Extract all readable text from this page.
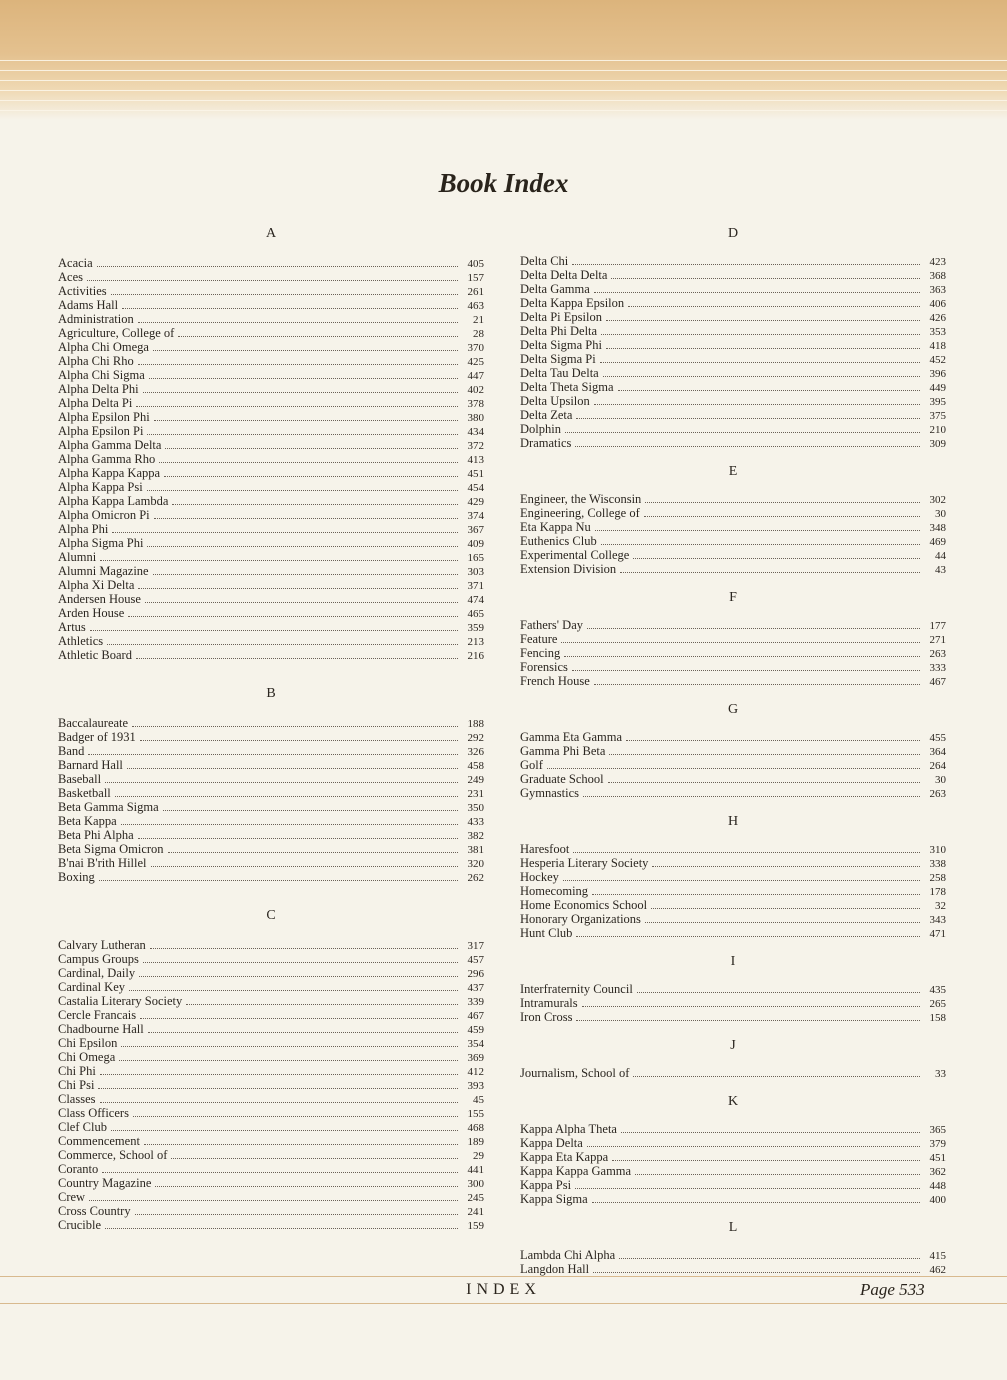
Book Index
A
Acacia	405
Aces	157
Activities	261
Adams Hall	463
Administration	21
Agriculture, College of	28
Alpha Chi Omega	370
Alpha Chi Rho	425
Alpha Chi Sigma	447
Alpha Delta Phi	402
Alpha Delta Pi	378
Alpha Epsilon Phi	380
Alpha Epsilon Pi	434
Alpha Gamma Delta	372
Alpha Gamma Rho	413
Alpha Kappa Kappa	451
Alpha Kappa Psi	454
Alpha Kappa Lambda	429
Alpha Omicron Pi	374
Alpha Phi	367
Alpha Sigma Phi	409
Alumni	165
Alumni Magazine	303
Alpha Xi Delta	371
Andersen House	474
Arden House	465
Artus	359
Athletics	213
Athletic Board	216
B
Baccalaureate	188
Badger of 1931	292
Band	326
Barnard Hall	458
Baseball	249
Basketball	231
Beta Gamma Sigma	350
Beta Kappa	433
Beta Phi Alpha	382
Beta Sigma Omicron	381
B'nai B'rith Hillel	320
Boxing	262
C
Calvary Lutheran	317
Campus Groups	457
Cardinal, Daily	296
Cardinal Key	437
Castalia Literary Society	339
Cercle Francais	467
Chadbourne Hall	459
Chi Epsilon	354
Chi Omega	369
Chi Phi	412
Chi Psi	393
Classes	45
Class Officers	155
Clef Club	468
Commencement	189
Commerce, School of	29
Coranto	441
Country Magazine	300
Crew	245
Cross Country	241
Crucible	159
D
Delta Chi	423
Delta Delta Delta	368
Delta Gamma	363
Delta Kappa Epsilon	406
Delta Pi Epsilon	426
Delta Phi Delta	353
Delta Sigma Phi	418
Delta Sigma Pi	452
Delta Tau Delta	396
Delta Theta Sigma	449
Delta Upsilon	395
Delta Zeta	375
Dolphin	210
Dramatics	309
E
Engineer, the Wisconsin	302
Engineering, College of	30
Eta Kappa Nu	348
Euthenics Club	469
Experimental College	44
Extension Division	43
F
Fathers' Day	177
Feature	271
Fencing	263
Forensics	333
French House	467
G
Gamma Eta Gamma	455
Gamma Phi Beta	364
Golf	264
Graduate School	30
Gymnastics	263
H
Haresfoot	310
Hesperia Literary Society	338
Hockey	258
Homecoming	178
Home Economics School	32
Honorary Organizations	343
Hunt Club	471
I
Interfraternity Council	435
Intramurals	265
Iron Cross	158
J
Journalism, School of	33
K
Kappa Alpha Theta	365
Kappa Delta	379
Kappa Eta Kappa	451
Kappa Kappa Gamma	362
Kappa Psi	448
Kappa Sigma	400
L
Lambda Chi Alpha	415
Langdon Hall	462
INDEX	Page 533
